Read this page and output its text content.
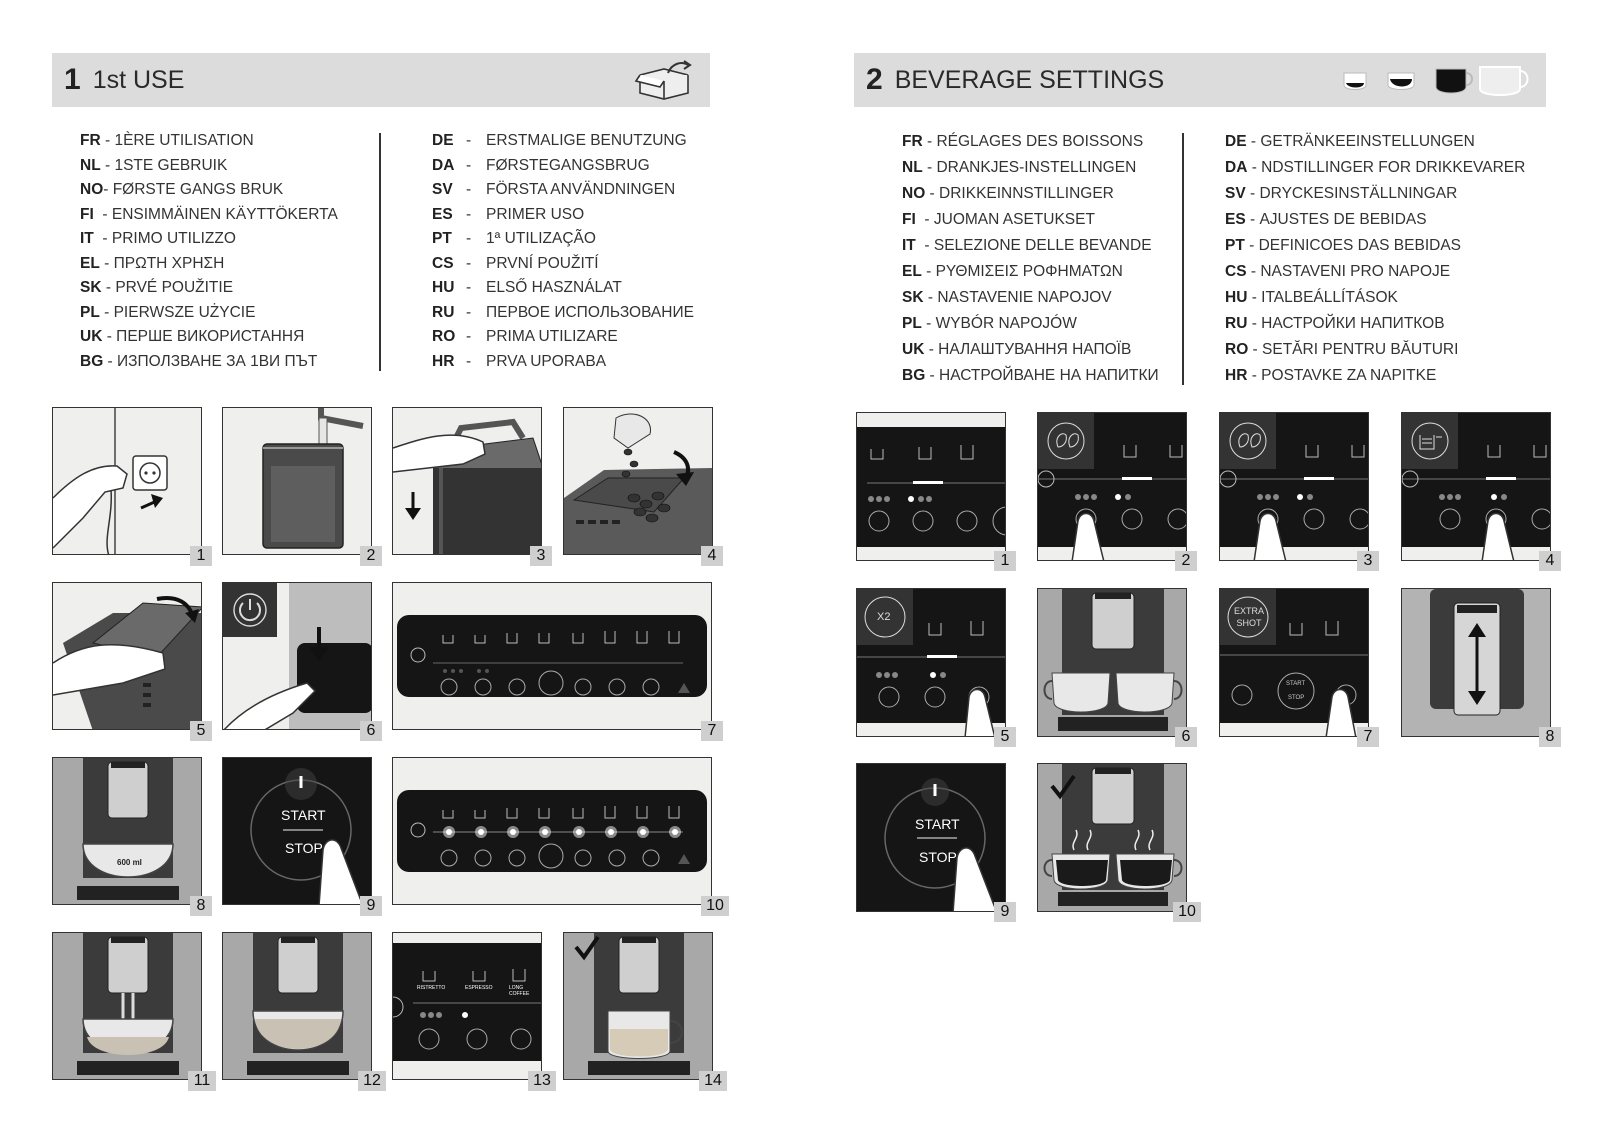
1 1st USE
FR - 1ÈRE UTILISATION
NL - 1STE GEBRUIK
NO - FØRSTE GANGS BRUK
FI - ENSIMMÄINEN KÄYTTÖKERTA
IT - PRIMO UTILIZZO
EL - ΠΡΩΤΗ ΧΡΗΣΗ
SK - PRVÉ POUŽITIE
PL - PIERWSZE UŻYCIE
UK - ПЕРШЕ ВИКОРИСТАННЯ
BG - ИЗПОЛЗВАНЕ ЗА 1ВИ ПЪТ
DE - ERSTMALIGE BENUTZUNG
DA - FØRSTEGANGSBRUG
SV - FÖRSTA ANVÄNDNINGEN
ES - PRIMER USO
PT - 1ª UTILIZAÇÃO
CS - PRVNÍ POUŽITÍ
HU - ELSŐ HASZNÁLAT
RU - ПЕРВОЕ ИСПОЛЬЗОВАНИЕ
RO - PRIMA UTILIZARE
HR - PRVA UPORABA
1	2	3	4
5	6	7
600 ml
8
START
STOP
9	10
11	12
RISTRETTO	ESPRESSO	LONG COFFEE
13	14
2 BEVERAGE SETTINGS
FR - RÉGLAGES DES BOISSONS
NL - DRANKJES-INSTELLINGEN
NO - DRIKKEINNSTILLINGER
FI - JUOMAN ASETUKSET
IT - SELEZIONE DELLE BEVANDE
EL - ΡΥΘΜΙΣΕΙΣ ΡΟΦΗΜΑΤΩΝ
SK - NASTAVENIE NAPOJOV
PL - WYBÓR NAPOJÓW
UK - НАЛАШТУВАННЯ НАПОЇВ
BG - НАСТРОЙВАНЕ НА НАПИТКИ
DE - GETRÄNKEEINSTELLUNGEN
DA - NDSTILLINGER FOR DRIKKEVARER
SV - DRYCKESINSTÄLLNINGAR
ES - AJUSTES DE BEBIDAS
PT - DEFINICOES DAS BEBIDAS
CS - NASTAVENI PRO NAPOJE
HU - ITALBEÁLLÍTÁSOK
RU - НАСТРОЙКИ НАПИТКОВ
RO - SETĂRI PENTRU BĂUTURI
HR - POSTAVKE ZA NAPITKE
1	2	3	4
X2
5	6
EXTRA SHOT
START
STOP
7	8
START
STOP
9	10
